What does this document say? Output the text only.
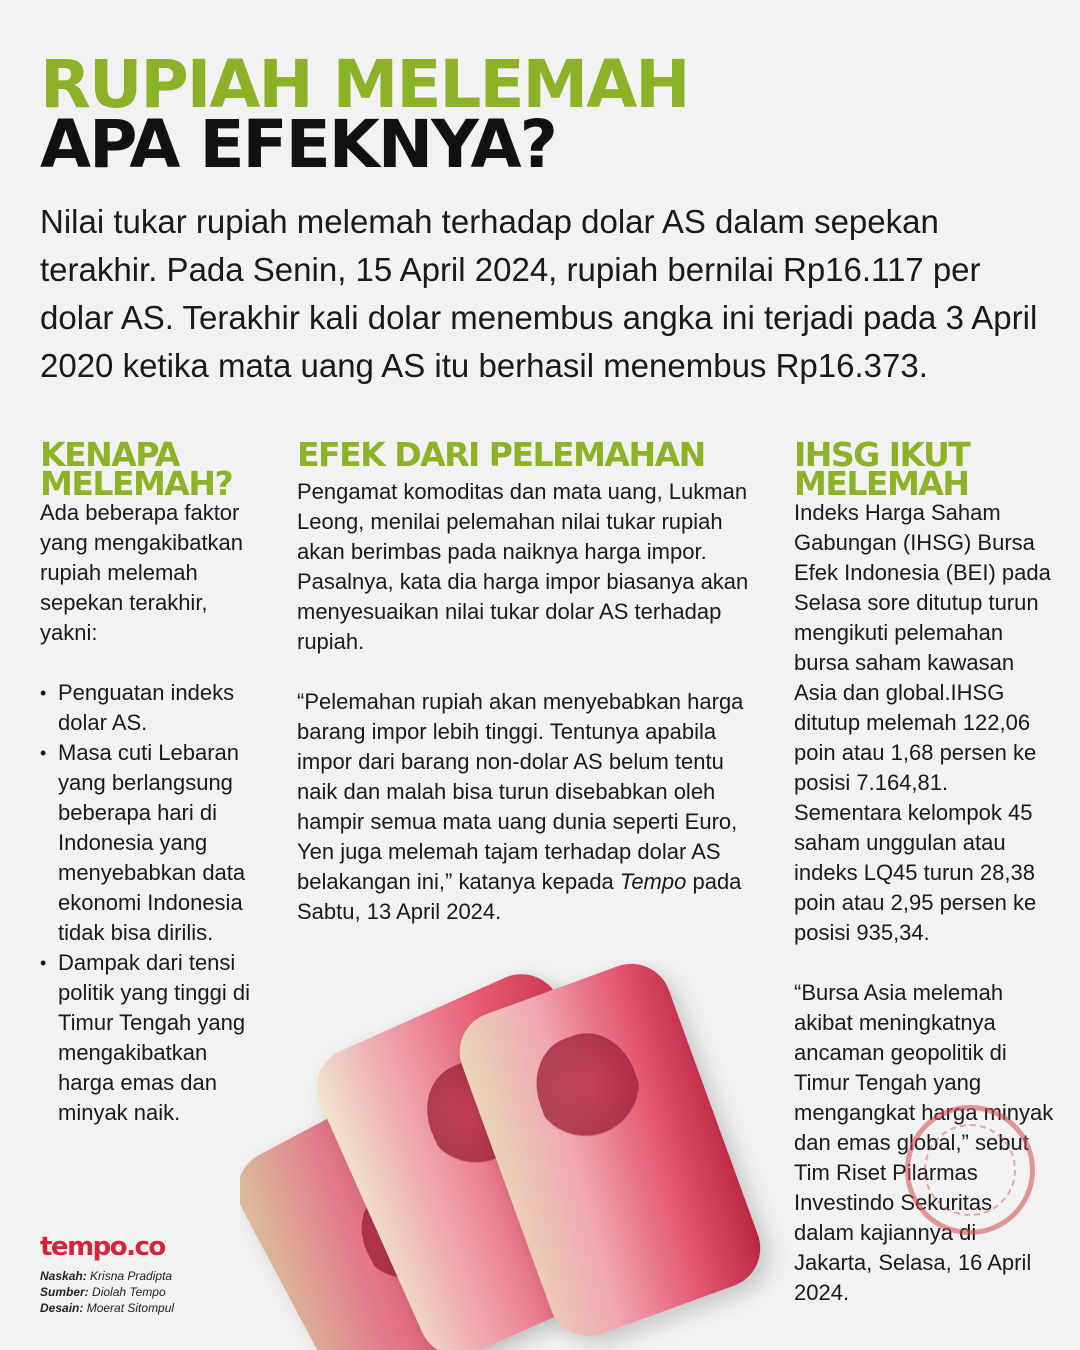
RUPIAH MELEMAH
APA EFEKNYA?

Nilai tukar rupiah melemah terhadap dolar AS dalam sepekan terakhir. Pada Senin, 15 April 2024, rupiah bernilai Rp16.117 per dolar AS. Terakhir kali dolar menembus angka ini terjadi pada 3 April 2020 ketika mata uang AS itu berhasil menembus Rp16.373.

KENAPA MELEMAH?

Ada beberapa faktor yang mengakibatkan rupiah melemah sepekan terakhir, yakni:

• Penguatan indeks dolar AS.
• Masa cuti Lebaran yang berlangsung beberapa hari di Indonesia yang menyebabkan data ekonomi Indonesia tidak bisa dirilis.
• Dampak dari tensi politik yang tinggi di Timur Tengah yang mengakibatkan harga emas dan minyak naik.
EFEK DARI PELEMAHAN

Pengamat komoditas dan mata uang, Lukman Leong, menilai pelemahan nilai tukar rupiah akan berimbas pada naiknya harga impor. Pasalnya, kata dia harga impor biasanya akan menyesuaikan nilai tukar dolar AS terhadap rupiah.

“Pelemahan rupiah akan menyebabkan harga barang impor lebih tinggi. Tentunya apabila impor dari barang non-dolar AS belum tentu naik dan malah bisa turun disebabkan oleh hampir semua mata uang dunia seperti Euro, Yen juga melemah tajam terhadap dolar AS belakangan ini,” katanya kepada Tempo pada Sabtu, 13 April 2024.

IHSG IKUT MELEMAH

Indeks Harga Saham Gabungan (IHSG) Bursa Efek Indonesia (BEI) pada Selasa sore ditutup turun mengikuti pelemahan bursa saham kawasan Asia dan global.IHSG ditutup melemah 122,06 poin atau 1,68 persen ke posisi 7.164,81. Sementara kelompok 45 saham unggulan atau indeks LQ45 turun 28,38 poin atau 2,95 persen ke posisi 935,34.

“Bursa Asia melemah akibat meningkatnya ancaman geopolitik di Timur Tengah yang mengangkat harga minyak dan emas global,” sebut Tim Riset Pilarmas Investindo Sekuritas dalam kajiannya di Jakarta, Selasa, 16 April 2024.

tempo.co
Naskah: Krisna Pradipta
Sumber: Diolah Tempo
Desain: Moerat Sitompul
